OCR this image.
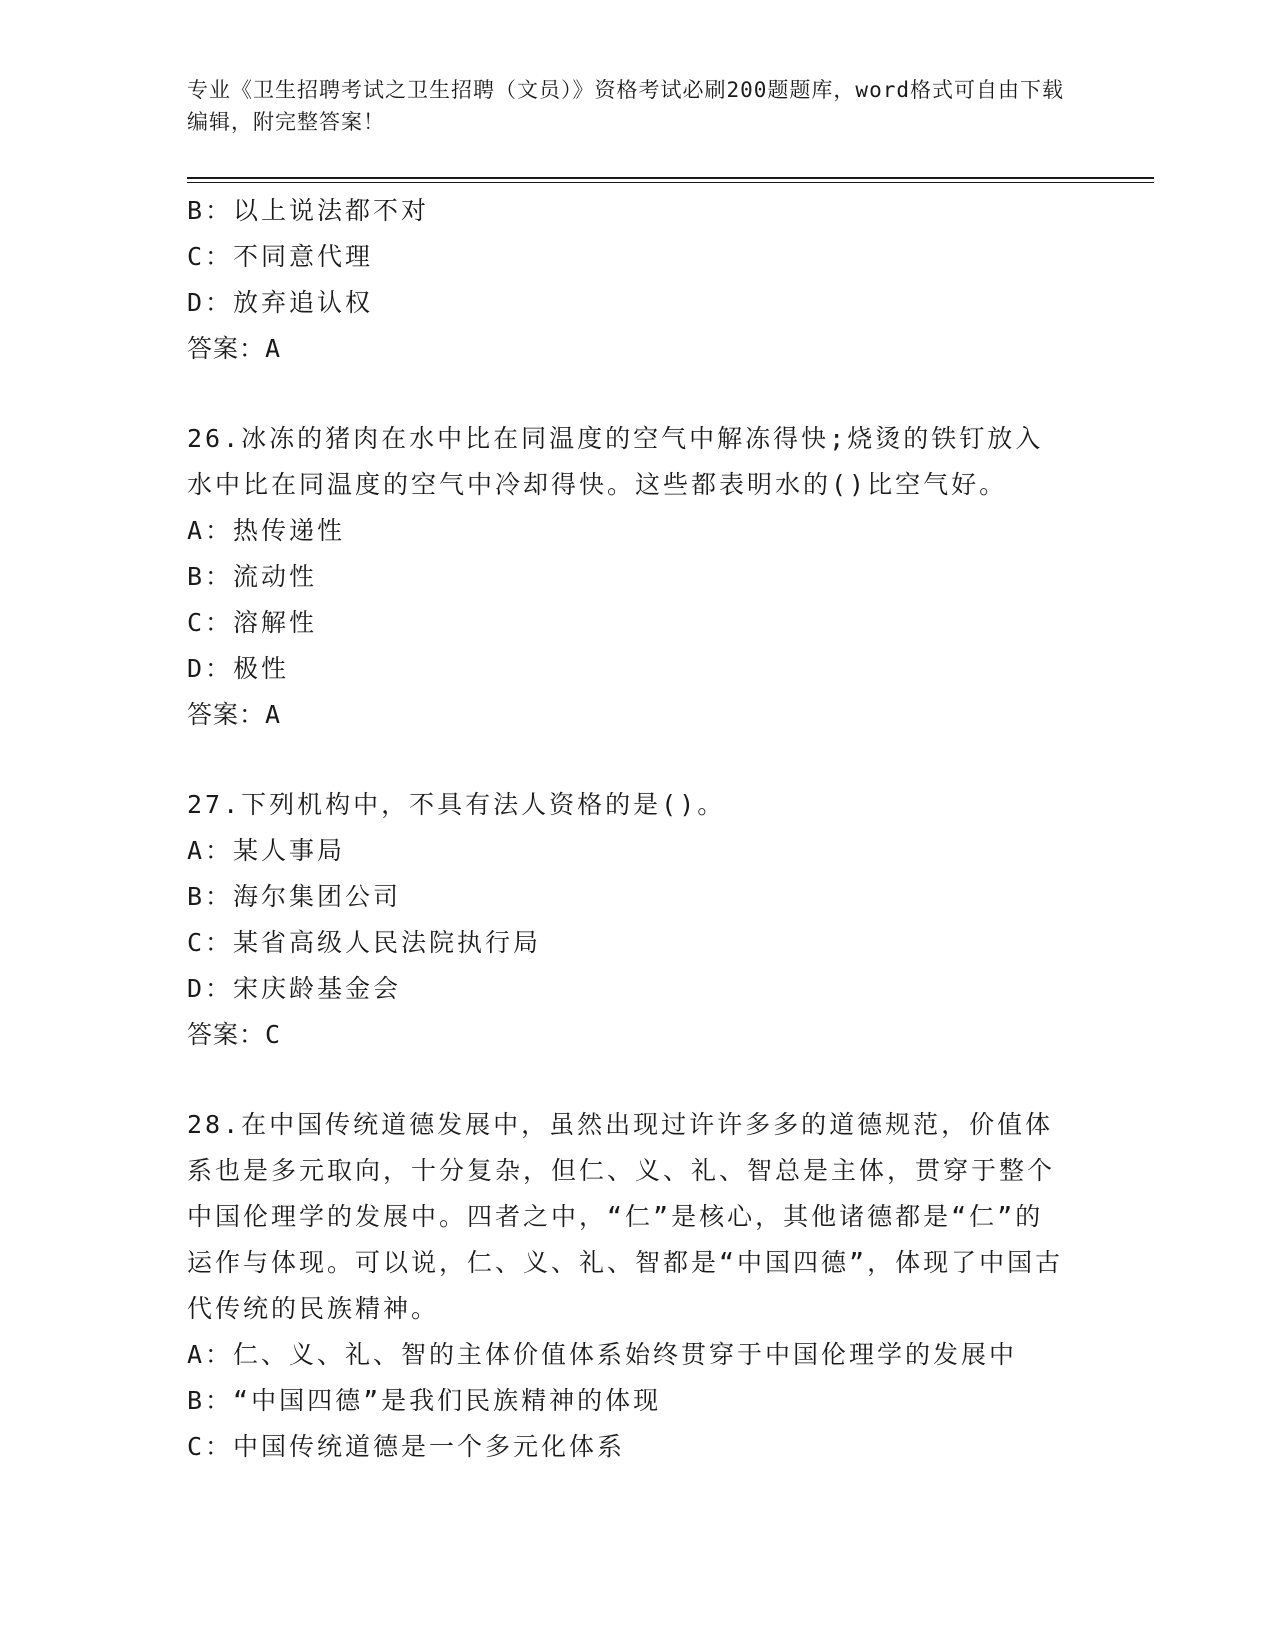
专业《卫生招聘考试之卫生招聘（文员）》资格考试必刷200题题库，word格式可自由下载编辑，附完整答案！
B：以上说法都不对
C：不同意代理
D：放弃追认权
答案：A
26.冰冻的猪肉在水中比在同温度的空气中解冻得快;烧烫的铁钉放入水中比在同温度的空气中冷却得快。这些都表明水的()比空气好。
A：热传递性
B：流动性
C：溶解性
D：极性
答案：A
27.下列机构中，不具有法人资格的是()。
A：某人事局
B：海尔集团公司
C：某省高级人民法院执行局
D：宋庆龄基金会
答案：C
28.在中国传统道德发展中，虽然出现过许许多多的道德规范，价值体系也是多元取向，十分复杂，但仁、义、礼、智总是主体，贯穿于整个中国伦理学的发展中。四者之中，“仁”是核心，其他诸德都是“仁”的运作与体现。可以说，仁、义、礼、智都是“中国四德”，体现了中国古代传统的民族精神。
A：仁、义、礼、智的主体价值体系始终贯穿于中国伦理学的发展中
B：“中国四德”是我们民族精神的体现
C：中国传统道德是一个多元化体系
